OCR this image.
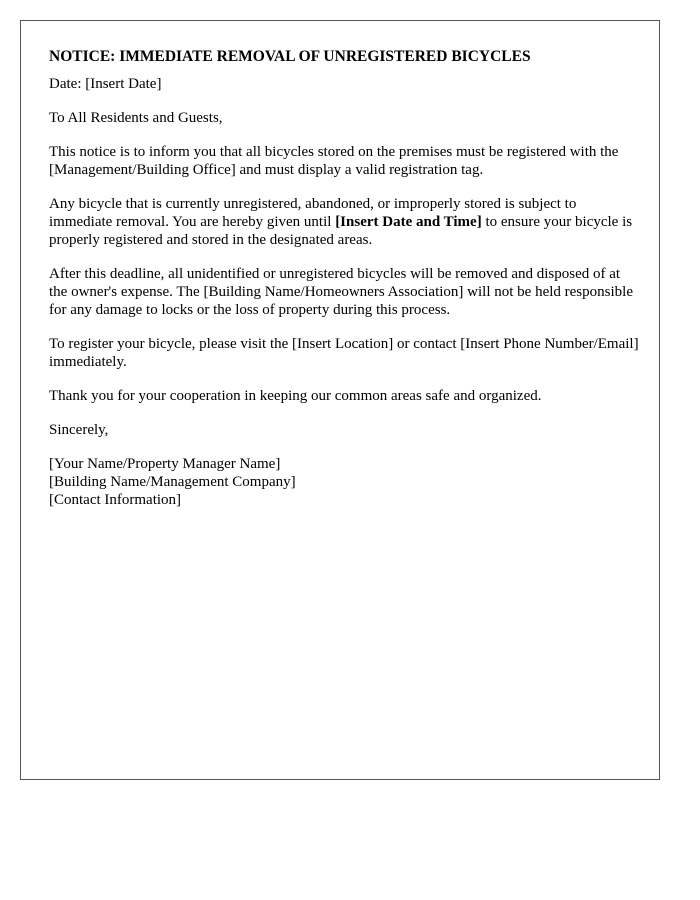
NOTICE: IMMEDIATE REMOVAL OF UNREGISTERED BICYCLES

Date: [Insert Date]

To All Residents and Guests,

This notice is to inform you that all bicycles stored on the premises must be registered with the [Management/Building Office] and must display a valid registration tag.

Any bicycle that is currently unregistered, abandoned, or improperly stored is subject to immediate removal. You are hereby given until [Insert Date and Time] to ensure your bicycle is properly registered and stored in the designated areas.

After this deadline, all unidentified or unregistered bicycles will be removed and disposed of at the owner's expense. The [Building Name/Homeowners Association] will not be held responsible for any damage to locks or the loss of property during this process.

To register your bicycle, please visit the [Insert Location] or contact [Insert Phone Number/Email] immediately.

Thank you for your cooperation in keeping our common areas safe and organized.

Sincerely,

[Your Name/Property Manager Name]
[Building Name/Management Company]
[Contact Information]
